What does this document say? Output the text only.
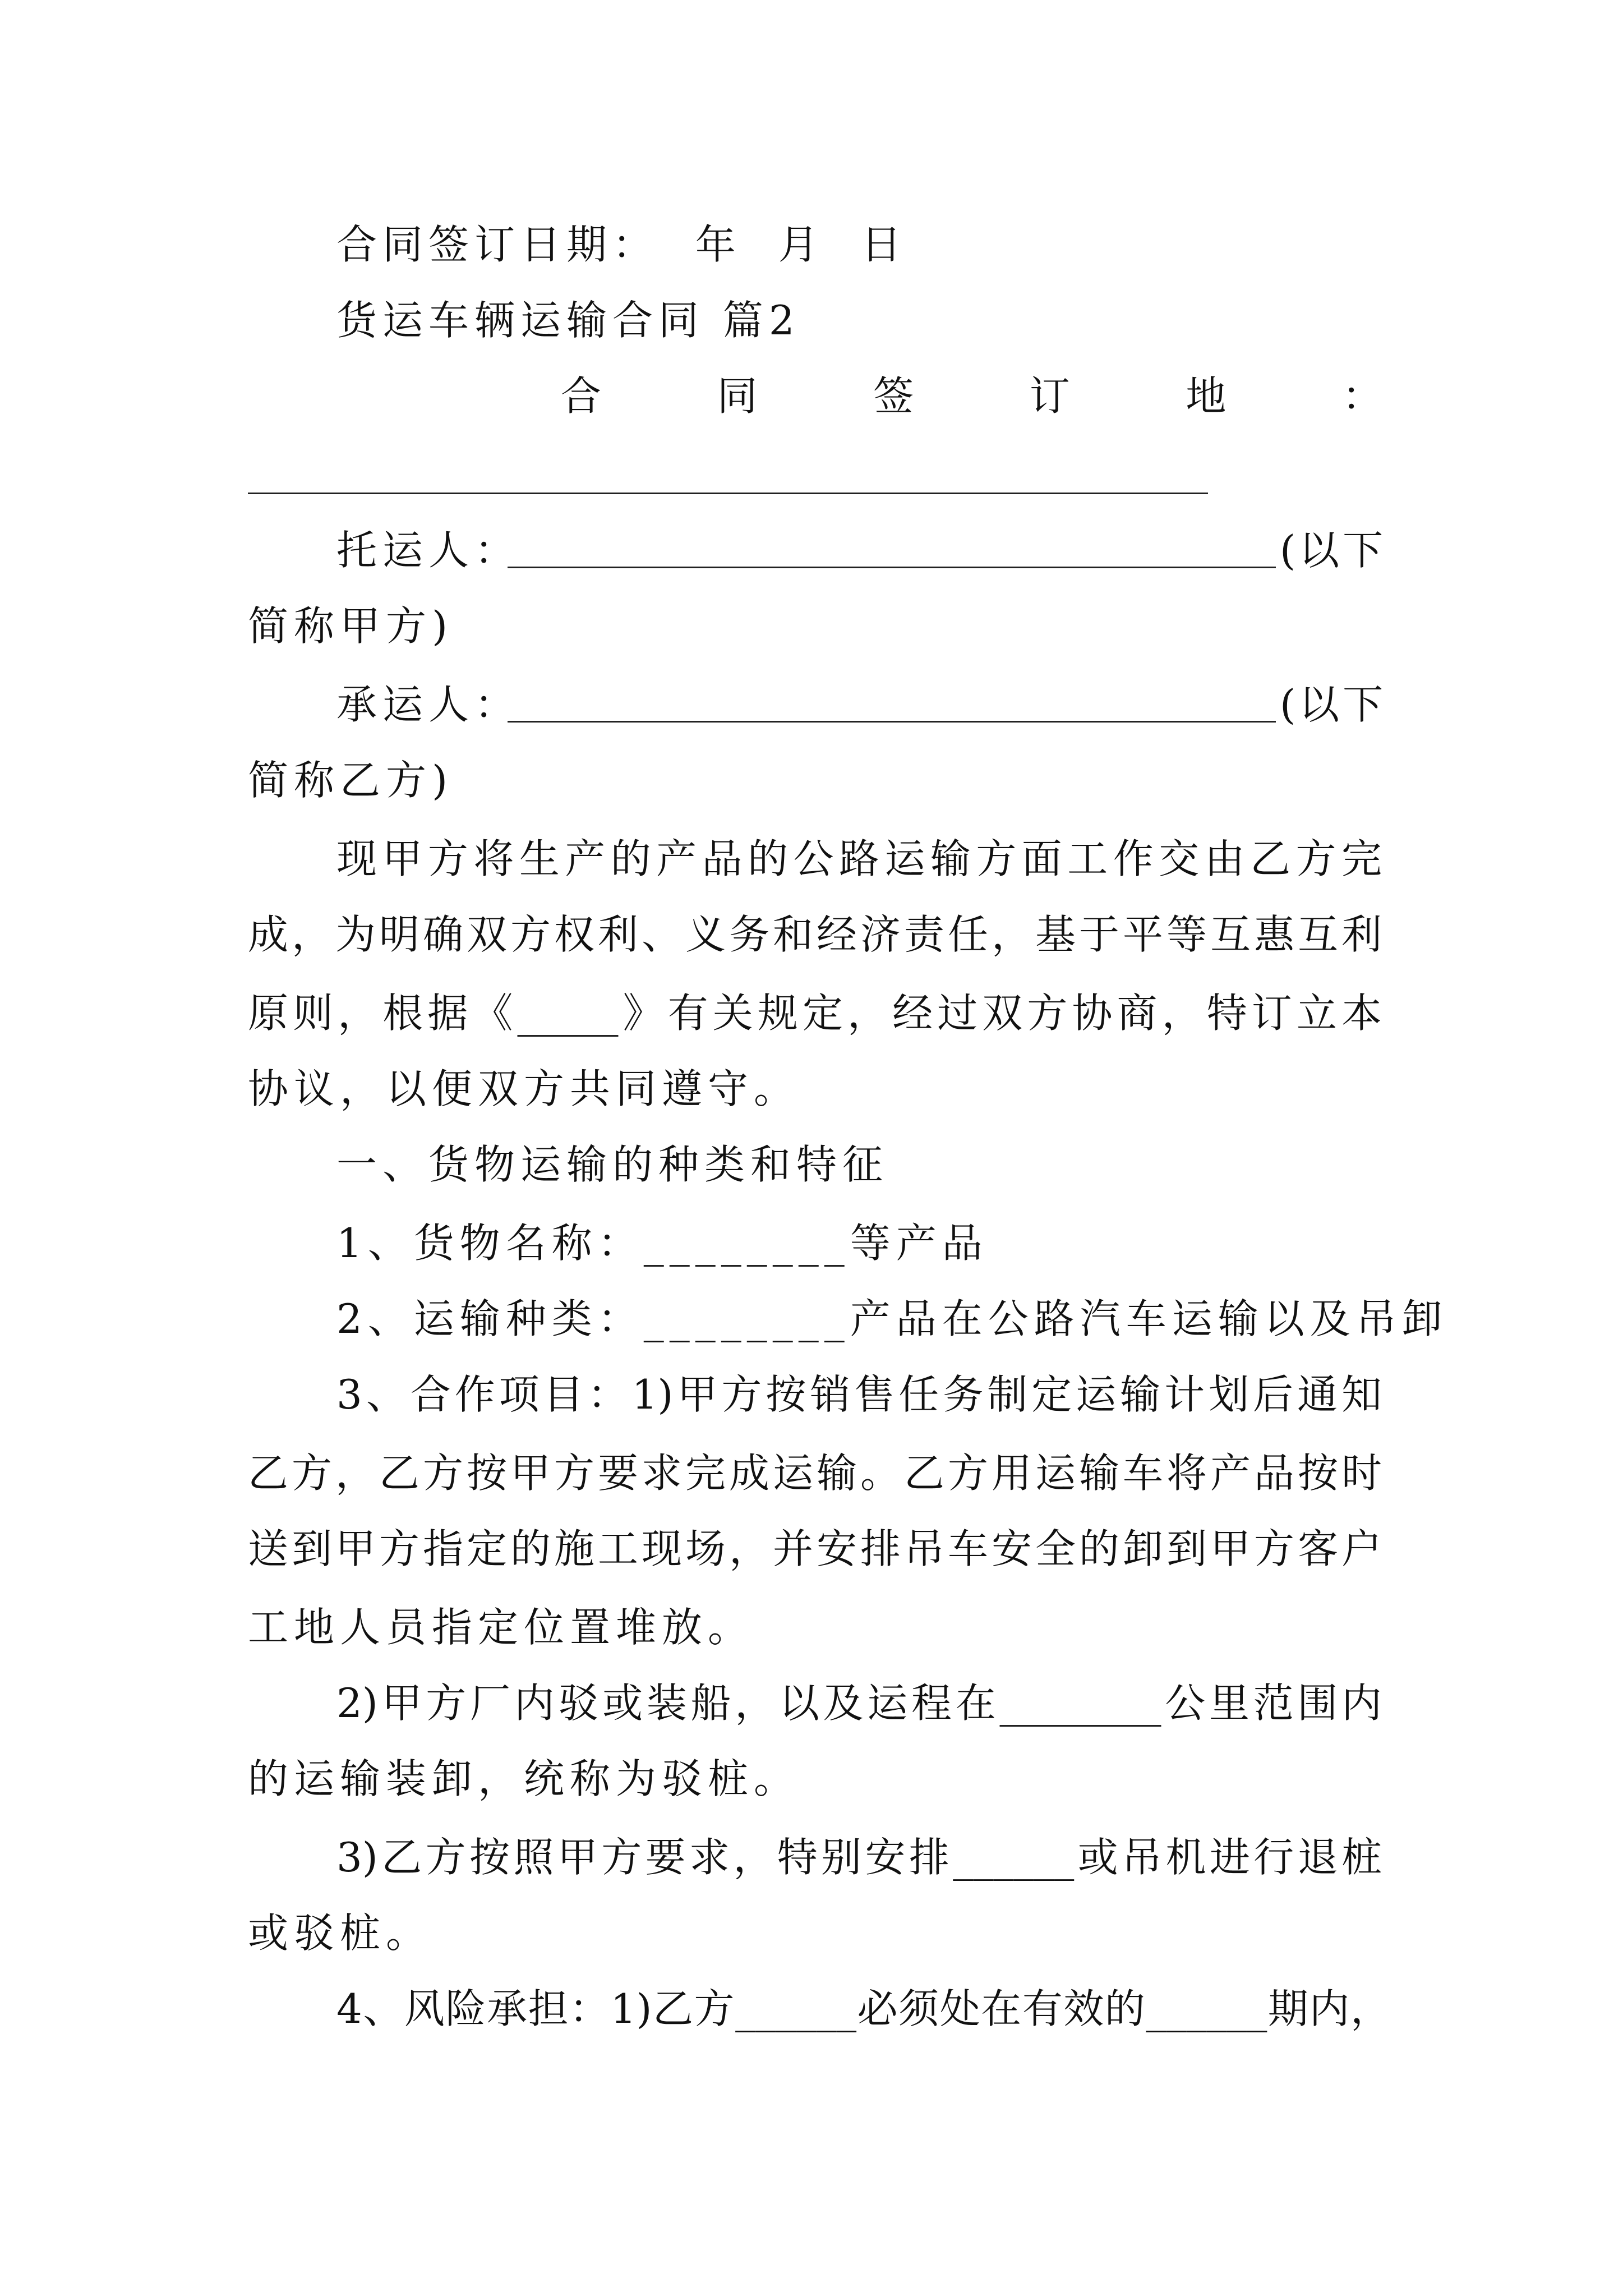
合同签订日期：  年  月  日
货运车辆运输合同 篇2
合	同	签	订	地	：
托运人：	(以下
简称甲方)
承运人：	(以下
简称乙方)
现甲方将生产的产品的公路运输方面工作交由乙方完
成，为明确双方权利、义务和经济责任，基于平等互惠互利
原则，根据《_____》有关规定，经过双方协商，特订立本
协议，以便双方共同遵守。
一、货物运输的种类和特征
1、货物名称：________等产品
2、运输种类：________产品在公路汽车运输以及吊卸
3、合作项目：1)甲方按销售任务制定运输计划后通知
乙方，乙方按甲方要求完成运输。乙方用运输车将产品按时
送到甲方指定的施工现场，并安排吊车安全的卸到甲方客户
工地人员指定位置堆放。
2)甲方厂内驳或装船，以及运程在________公里范围内
的运输装卸，统称为驳桩。
3)乙方按照甲方要求，特别安排______或吊机进行退桩
或驳桩。
4、风险承担：1)乙方______必须处在有效的______期内，
